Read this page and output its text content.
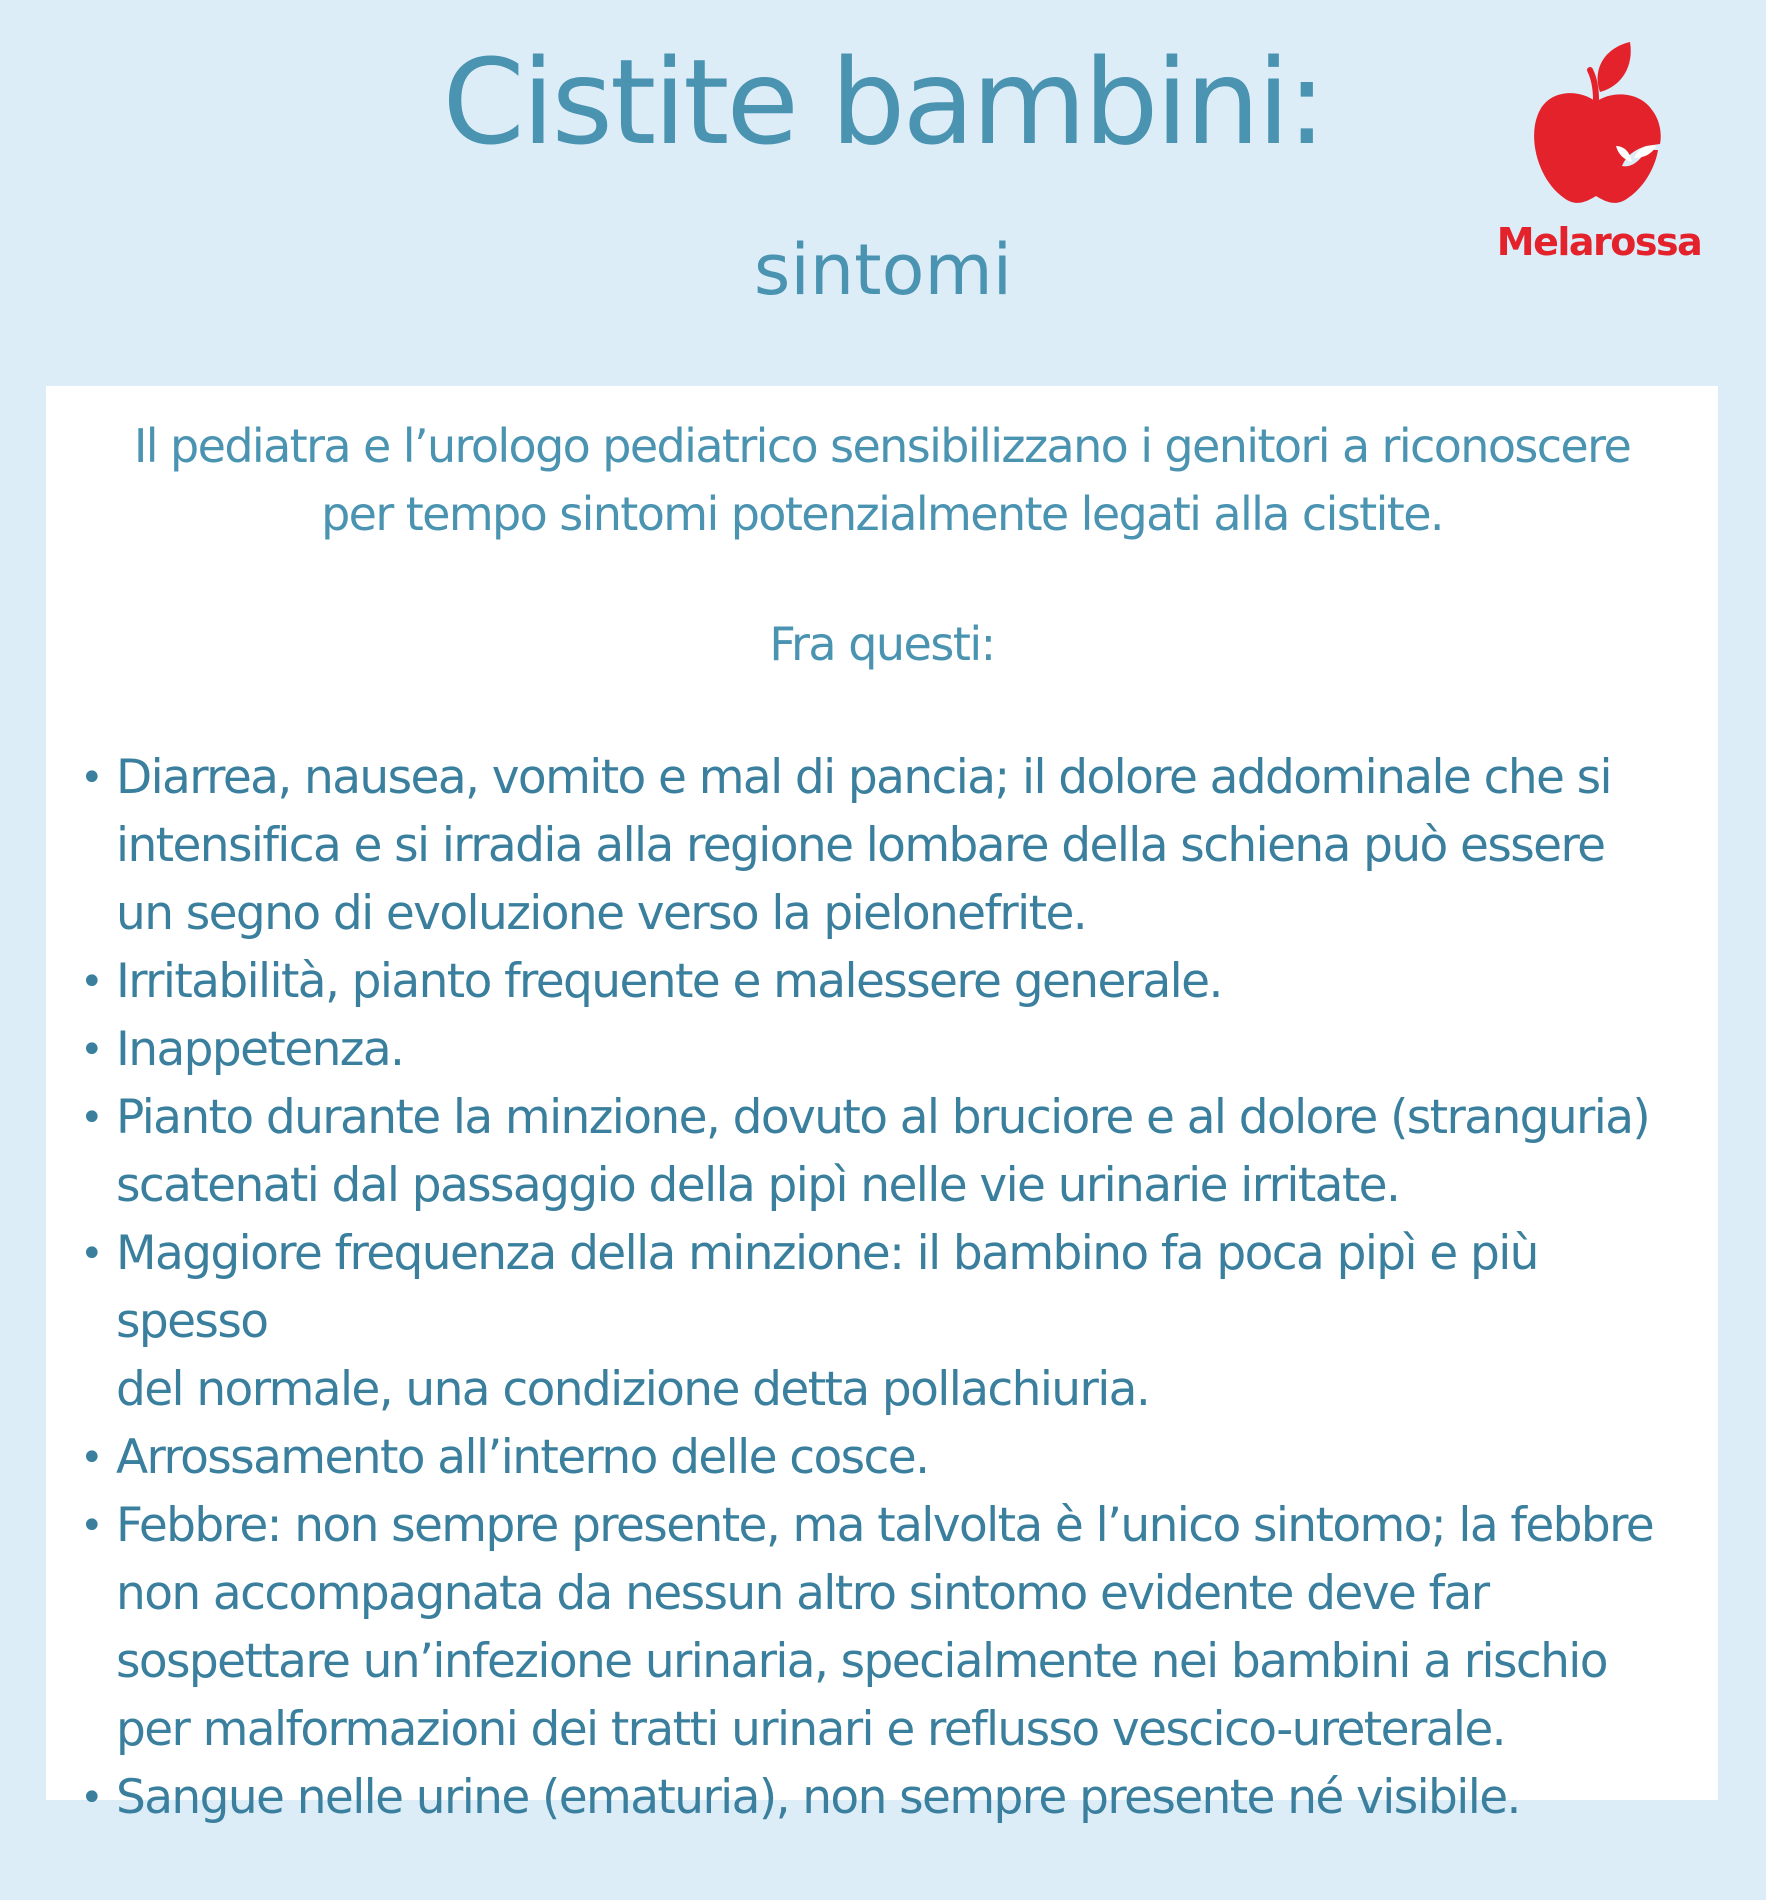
Cistite bambini:
sintomi	Melarossa

Il pediatra e l’urologo pediatrico sensibilizzano i genitori a riconoscere
per tempo sintomi potenzialmente legati alla cistite.

Fra questi:

• Diarrea, nausea, vomito e mal di pancia; il dolore addominale che si
intensifica e si irradia alla regione lombare della schiena può essere
un segno di evoluzione verso la pielonefrite.
• Irritabilità, pianto frequente e malessere generale.
• Inappetenza.
• Pianto durante la minzione, dovuto al bruciore e al dolore (stranguria)
scatenati dal passaggio della pipì nelle vie urinarie irritate.
• Maggiore frequenza della minzione: il bambino fa poca pipì e più spesso
del normale, una condizione detta pollachiuria.
• Arrossamento all’interno delle cosce.
• Febbre: non sempre presente, ma talvolta è l’unico sintomo; la febbre
non accompagnata da nessun altro sintomo evidente deve far
sospettare un’infezione urinaria, specialmente nei bambini a rischio
per malformazioni dei tratti urinari e reflusso vescico-ureterale.
• Sangue nelle urine (ematuria), non sempre presente né visibile.
